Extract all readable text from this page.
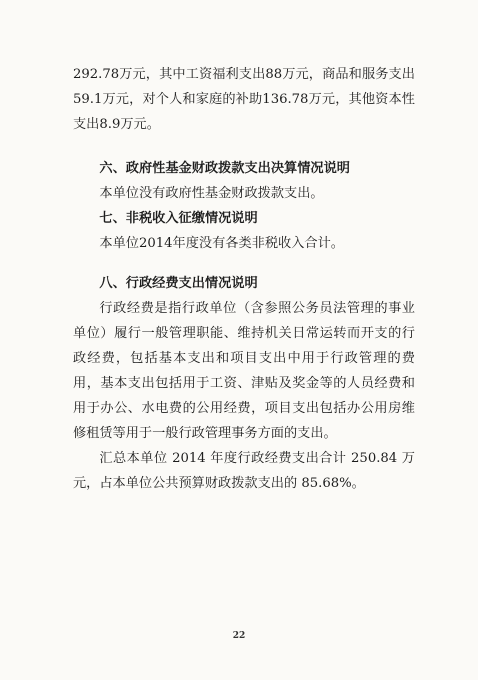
292.78万元，其中工资福利支出88万元，商品和服务支出59.1万元，对个人和家庭的补助136.78万元，其他资本性支出8.9万元。

六、政府性基金财政拨款支出决算情况说明

本单位没有政府性基金财政拨款支出。

七、非税收入征缴情况说明

本单位2014年度没有各类非税收入合计。

八、行政经费支出情况说明

行政经费是指行政单位（含参照公务员法管理的事业单位）履行一般管理职能、维持机关日常运转而开支的行政经费，包括基本支出和项目支出中用于行政管理的费用，基本支出包括用于工资、津贴及奖金等的人员经费和用于办公、水电费的公用经费，项目支出包括办公用房维修租赁等用于一般行政管理事务方面的支出。

汇总本单位 2014 年度行政经费支出合计 250.84 万元，占本单位公共预算财政拨款支出的 85.68%。

22
